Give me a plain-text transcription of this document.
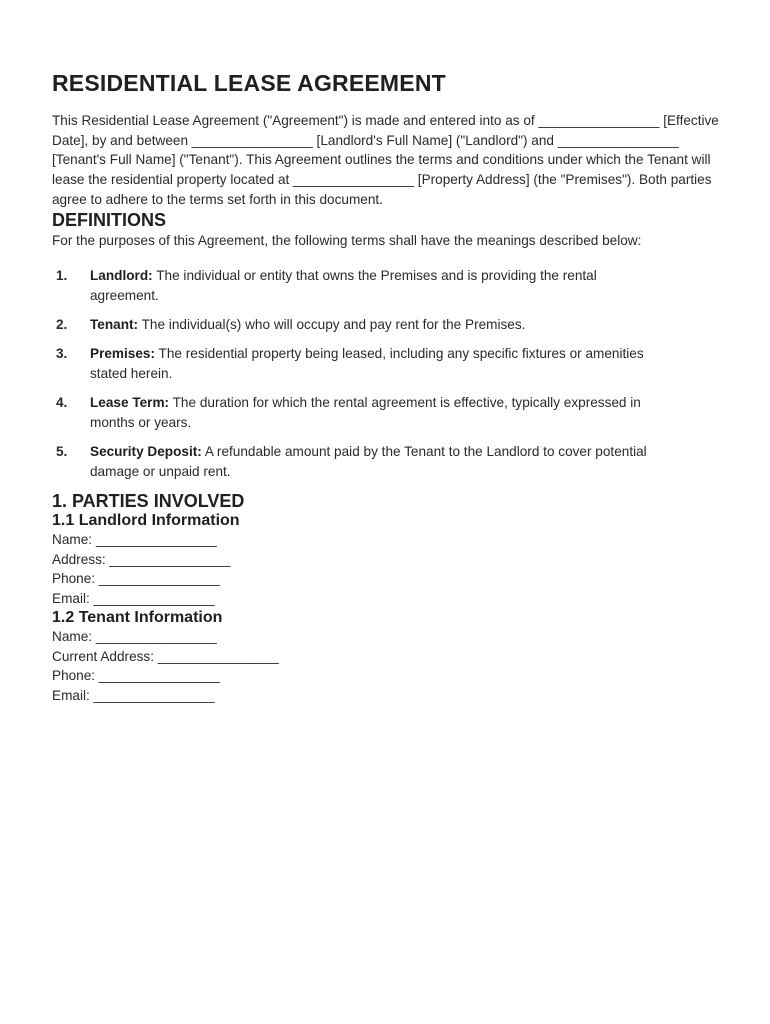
RESIDENTIAL LEASE AGREEMENT

This Residential Lease Agreement ("Agreement") is made and entered into as of ________________ [Effective Date], by and between ________________ [Landlord's Full Name] ("Landlord") and ________________ [Tenant's Full Name] ("Tenant"). This Agreement outlines the terms and conditions under which the Tenant will lease the residential property located at ________________ [Property Address] (the "Premises"). Both parties agree to adhere to the terms set forth in this document.

DEFINITIONS

For the purposes of this Agreement, the following terms shall have the meanings described below:

1.	Landlord: The individual or entity that owns the Premises and is providing the rental agreement.
2.	Tenant: The individual(s) who will occupy and pay rent for the Premises.
3.	Premises: The residential property being leased, including any specific fixtures or amenities stated herein.
4.	Lease Term: The duration for which the rental agreement is effective, typically expressed in months or years.
5.	Security Deposit: A refundable amount paid by the Tenant to the Landlord to cover potential damage or unpaid rent.
1. PARTIES INVOLVED
1.1 Landlord Information
Name: ________________
Address: ________________
Phone: ________________
Email: ________________
1.2 Tenant Information
Name: ________________
Current Address: ________________
Phone: ________________
Email: ________________
